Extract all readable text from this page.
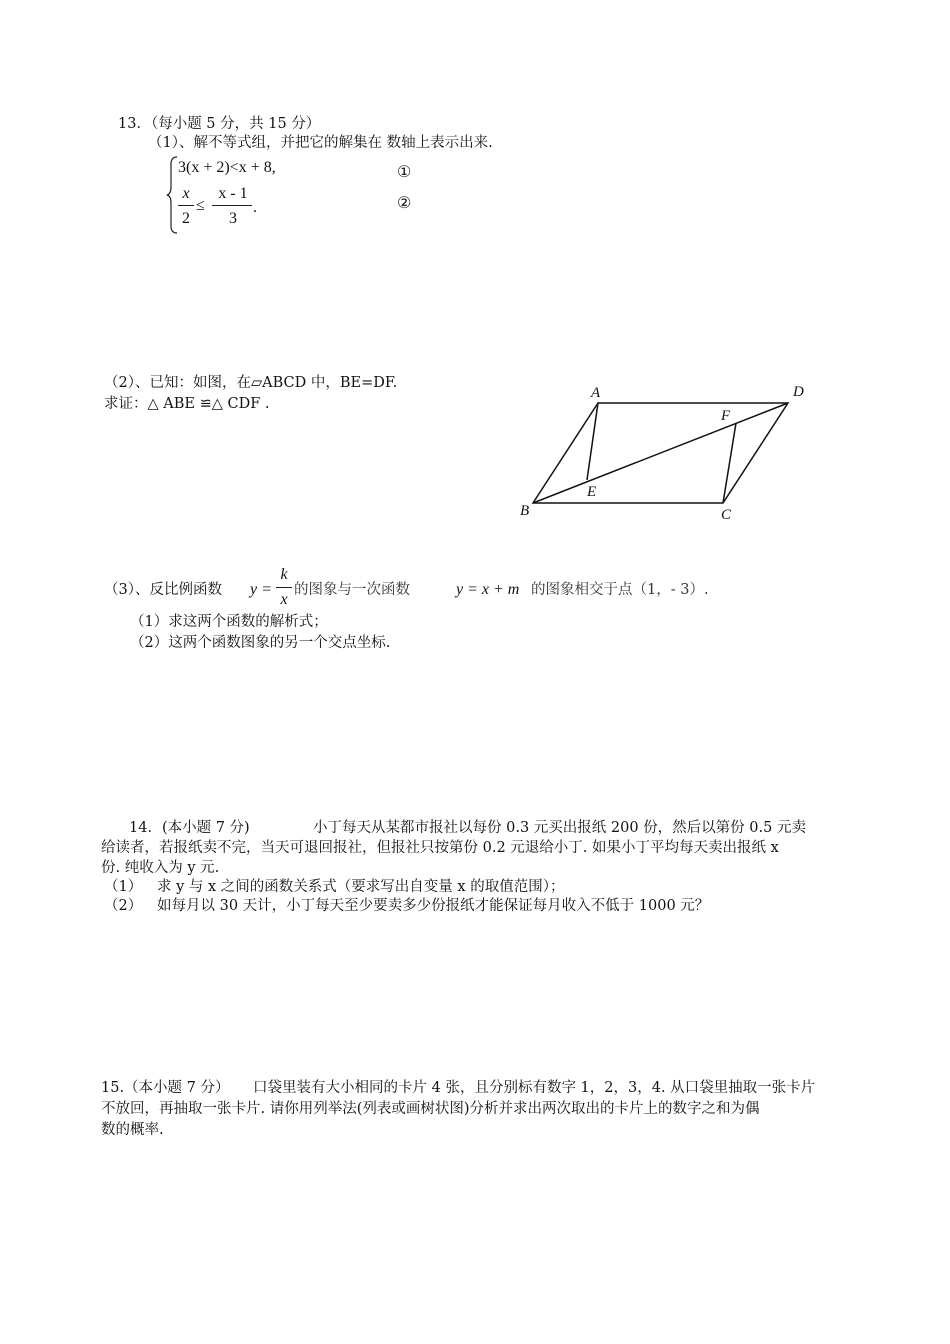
13．（每小题 5 分，共 15 分）
（1）、解不等式组，并把它的解集在 数轴上表示出来.
3(x + 2)<x + 8,	①
x
2
≤
x - 1
3
.	②
（2）、已知：如图，在▱ABCD 中，BE=DF.
求证：△ ABE ≌△ CDF .
A	D
F
E
B	C
（3）、反比例函数 y =
k
x
的图象与一次函数	y = x + m 的图象相交于点（1，- 3）.
（1）求这两个函数的解析式；
（2）这两个函数图象的另一个交点坐标.
14．(本小题 7 分)	小丁每天从某都市报社以每份 0.3 元买出报纸 200 份，然后以第份 0.5 元卖
给读者，若报纸卖不完，当天可退回报社，但报社只按第份 0.2 元退给小丁. 如果小丁平均每天卖出报纸 x
份. 纯收入为 y 元.
（1） 求 y 与 x 之间的函数关系式（要求写出自变量 x 的取值范围）；
（2） 如每月以 30 天计，小丁每天至少要卖多少份报纸才能保证每月收入不低于 1000 元？
15.（本小题 7 分） 口袋里装有大小相同的卡片 4 张，且分别标有数字 1，2，3，4. 从口袋里抽取一张卡片
不放回，再抽取一张卡片. 请你用列举法(列表或画树状图)分析并求出两次取出的卡片上的数字之和为偶
数的概率.
